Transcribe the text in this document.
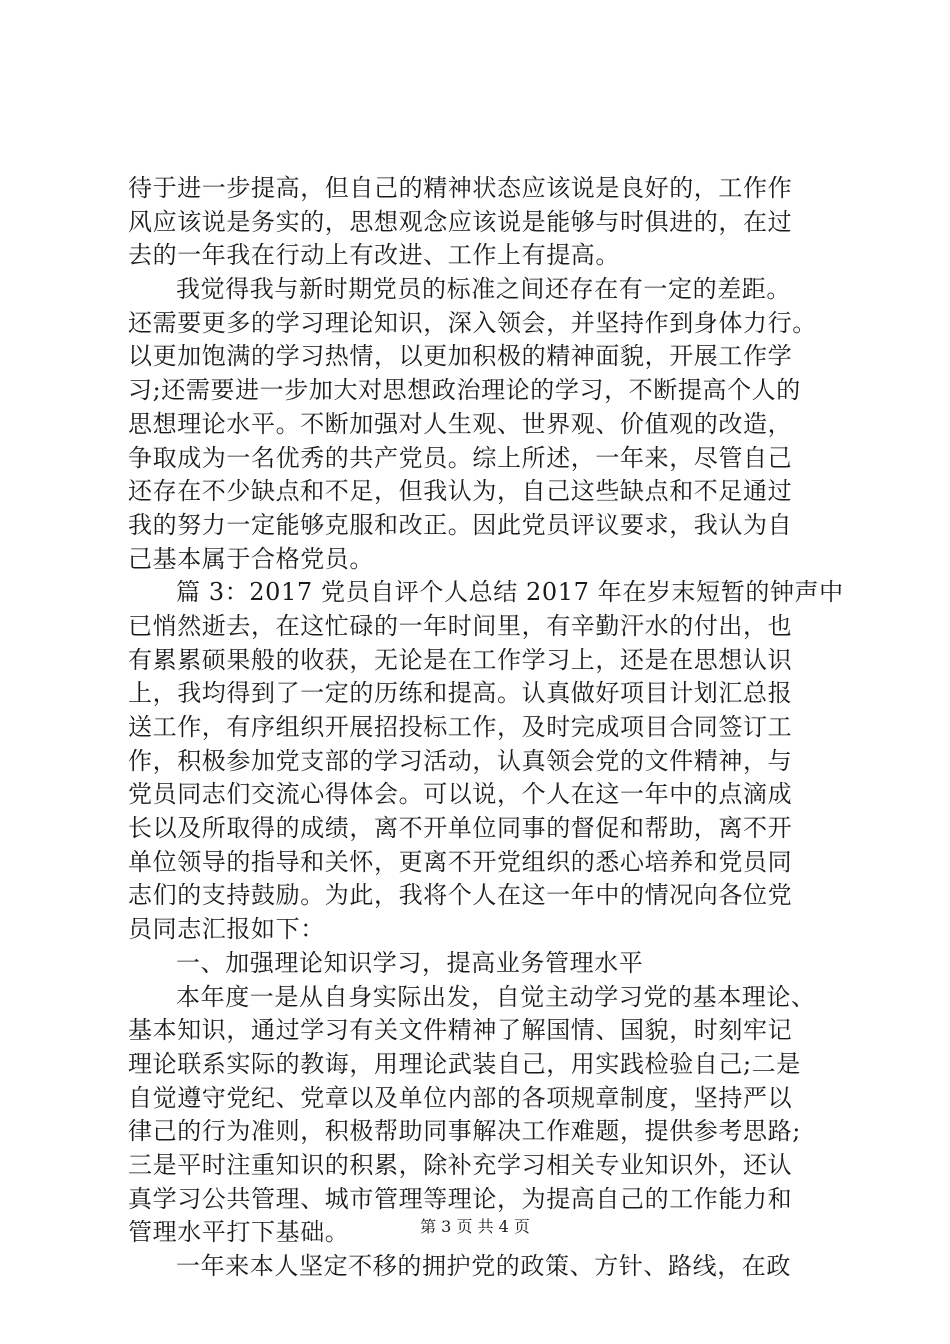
待于进一步提高，但自己的精神状态应该说是良好的，工作作
风应该说是务实的，思想观念应该说是能够与时俱进的，在过
去的一年我在行动上有改进、工作上有提高。
我觉得我与新时期党员的标准之间还存在有一定的差距。
还需要更多的学习理论知识，深入领会，并坚持作到身体力行。
以更加饱满的学习热情，以更加积极的精神面貌，开展工作学
习;还需要进一步加大对思想政治理论的学习，不断提高个人的
思想理论水平。不断加强对人生观、世界观、价值观的改造，
争取成为一名优秀的共产党员。综上所述，一年来，尽管自己
还存在不少缺点和不足，但我认为，自己这些缺点和不足通过
我的努力一定能够克服和改正。因此党员评议要求，我认为自
己基本属于合格党员。
篇 3：2017 党员自评个人总结 2017 年在岁末短暂的钟声中
已悄然逝去，在这忙碌的一年时间里，有辛勤汗水的付出，也
有累累硕果般的收获，无论是在工作学习上，还是在思想认识
上，我均得到了一定的历练和提高。认真做好项目计划汇总报
送工作，有序组织开展招投标工作，及时完成项目合同签订工
作，积极参加党支部的学习活动，认真领会党的文件精神，与
党员同志们交流心得体会。可以说，个人在这一年中的点滴成
长以及所取得的成绩，离不开单位同事的督促和帮助，离不开
单位领导的指导和关怀，更离不开党组织的悉心培养和党员同
志们的支持鼓励。为此，我将个人在这一年中的情况向各位党
员同志汇报如下：
一、加强理论知识学习，提高业务管理水平
本年度一是从自身实际出发，自觉主动学习党的基本理论、
基本知识，通过学习有关文件精神了解国情、国貌，时刻牢记
理论联系实际的教诲，用理论武装自己，用实践检验自己;二是
自觉遵守党纪、党章以及单位内部的各项规章制度，坚持严以
律己的行为准则，积极帮助同事解决工作难题，提供参考思路;
三是平时注重知识的积累，除补充学习相关专业知识外，还认
真学习公共管理、城市管理等理论，为提高自己的工作能力和
管理水平打下基础。
一年来本人坚定不移的拥护党的政策、方针、路线，在政
第 3 页 共 4 页
